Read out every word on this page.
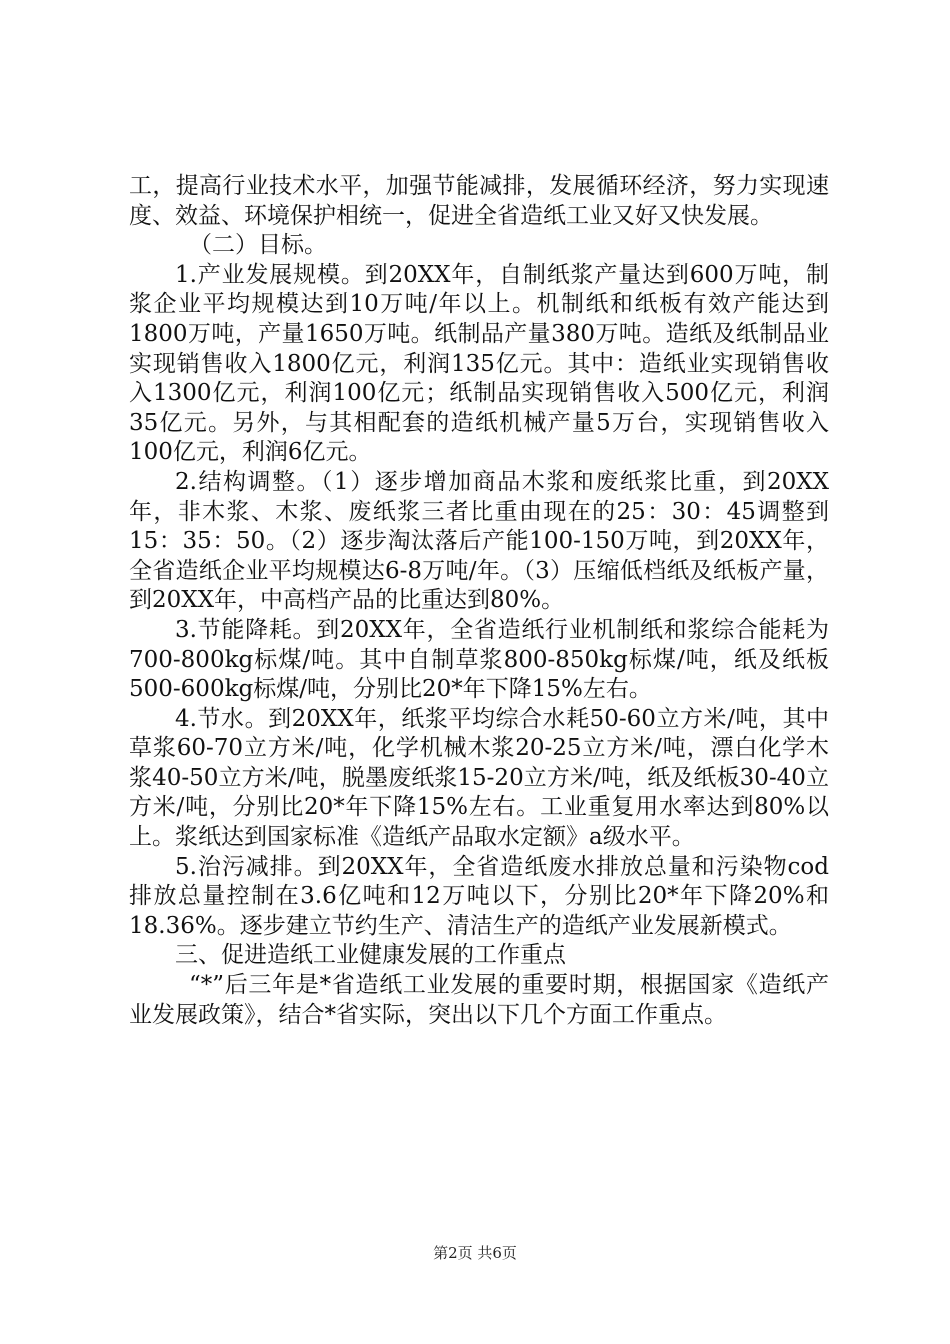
工，提高行业技术水平，加强节能减排，发展循环经济，努力实现速度、效益、环境保护相统一，促进全省造纸工业又好又快发展。

（二）目标。

1.产业发展规模。到20XX年，自制纸浆产量达到600万吨，制浆企业平均规模达到10万吨/年以上。机制纸和纸板有效产能达到1800万吨，产量1650万吨。纸制品产量380万吨。造纸及纸制品业实现销售收入1800亿元，利润135亿元。其中：造纸业实现销售收入1300亿元，利润100亿元；纸制品实现销售收入500亿元，利润35亿元。另外，与其相配套的造纸机械产量5万台，实现销售收入100亿元，利润6亿元。

2.结构调整。（1）逐步增加商品木浆和废纸浆比重，到20XX年，非木浆、木浆、废纸浆三者比重由现在的25：30：45调整到15：35：50。（2）逐步淘汰落后产能100-150万吨，到20XX年，全省造纸企业平均规模达6-8万吨/年。（3）压缩低档纸及纸板产量，到20XX年，中高档产品的比重达到80%。

3.节能降耗。到20XX年，全省造纸行业机制纸和浆综合能耗为700-800kg标煤/吨。其中自制草浆800-850kg标煤/吨，纸及纸板500-600kg标煤/吨，分别比20*年下降15%左右。

4.节水。到20XX年，纸浆平均综合水耗50-60立方米/吨，其中草浆60-70立方米/吨，化学机械木浆20-25立方米/吨，漂白化学木浆40-50立方米/吨，脱墨废纸浆15-20立方米/吨，纸及纸板30-40立方米/吨，分别比20*年下降15%左右。工业重复用水率达到80%以上。浆纸达到国家标准《造纸产品取水定额》a级水平。

5.治污减排。到20XX年，全省造纸废水排放总量和污染物cod排放总量控制在3.6亿吨和12万吨以下，分别比20*年下降20%和18.36%。逐步建立节约生产、清洁生产的造纸产业发展新模式。

三、促进造纸工业健康发展的工作重点

“*”后三年是*省造纸工业发展的重要时期，根据国家《造纸产业发展政策》，结合*省实际，突出以下几个方面工作重点。

第2页 共6页
